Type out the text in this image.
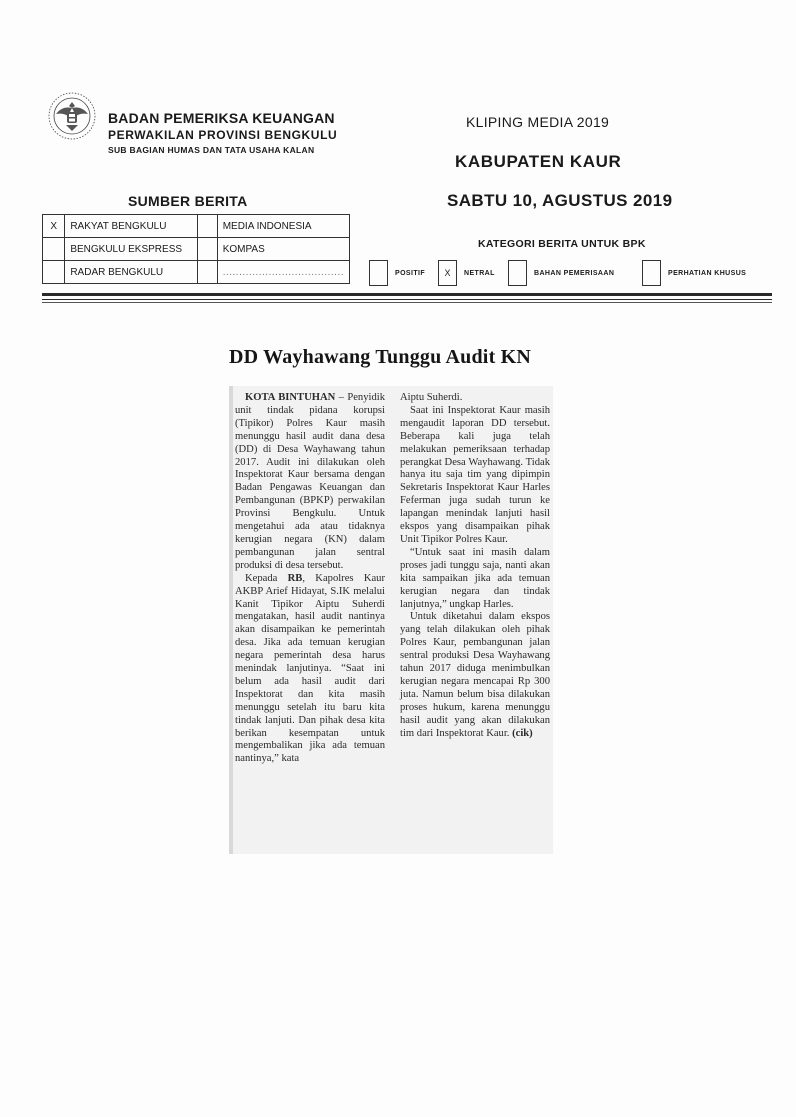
BADAN PEMERIKSA KEUANGAN
PERWAKILAN PROVINSI BENGKULU
SUB BAGIAN HUMAS DAN TATA USAHA KALAN
KLIPING MEDIA 2019
KABUPATEN KAUR
SABTU 10, AGUSTUS 2019
SUMBER BERITA
X	RAKYAT BENGKULU		MEDIA INDONESIA
	BENGKULU EKSPRESS		KOMPAS
	RADAR BENGKULU		.....................................
KATEGORI BERITA UNTUK BPK
POSITIF	X	NETRAL	BAHAN PEMERISAAN	PERHATIAN KHUSUS
DD Wayhawang Tunggu Audit KN

KOTA BINTUHAN – Penyidik unit tindak pidana korupsi (Tipikor) Polres Kaur masih menunggu hasil audit dana desa (DD) di Desa Wayhawang tahun 2017. Audit ini dilakukan oleh Inspektorat Kaur bersama dengan Badan Pengawas Keuangan dan Pembangunan (BPKP) perwakilan Provinsi Bengkulu. Untuk mengetahui ada atau tidaknya kerugian negara (KN) dalam pembangunan jalan sentral produksi di desa tersebut.

Kepada RB, Kapolres Kaur AKBP Arief Hidayat, S.IK melalui Kanit Tipikor Aiptu Suherdi mengatakan, hasil audit nantinya akan disampaikan ke pemerintah desa. Jika ada temuan kerugian negara pemerintah desa harus menindak lanjutinya. “Saat ini belum ada hasil audit dari Inspektorat dan kita masih menunggu setelah itu baru kita tindak lanjuti. Dan pihak desa kita berikan kesempatan untuk mengembalikan jika ada temuan nantinya,” kata

Aiptu Suherdi.

Saat ini Inspektorat Kaur masih mengaudit laporan DD tersebut. Beberapa kali juga telah melakukan pemeriksaan terhadap perangkat Desa Wayhawang. Tidak hanya itu saja tim yang dipimpin Sekretaris Inspektorat Kaur Harles Feferman juga sudah turun ke lapangan menindak lanjuti hasil ekspos yang disampaikan pihak Unit Tipikor Polres Kaur.

“Untuk saat ini masih dalam proses jadi tunggu saja, nanti akan kita sampaikan jika ada temuan kerugian negara dan tindak lanjutnya,” ungkap Harles.

Untuk diketahui dalam ekspos yang telah dilakukan oleh pihak Polres Kaur, pembangunan jalan sentral produksi Desa Wayhawang tahun 2017 diduga menimbulkan kerugian negara mencapai Rp 300 juta. Namun belum bisa dilakukan proses hukum, karena menunggu hasil audit yang akan dilakukan tim dari Inspektorat Kaur. (cik)
